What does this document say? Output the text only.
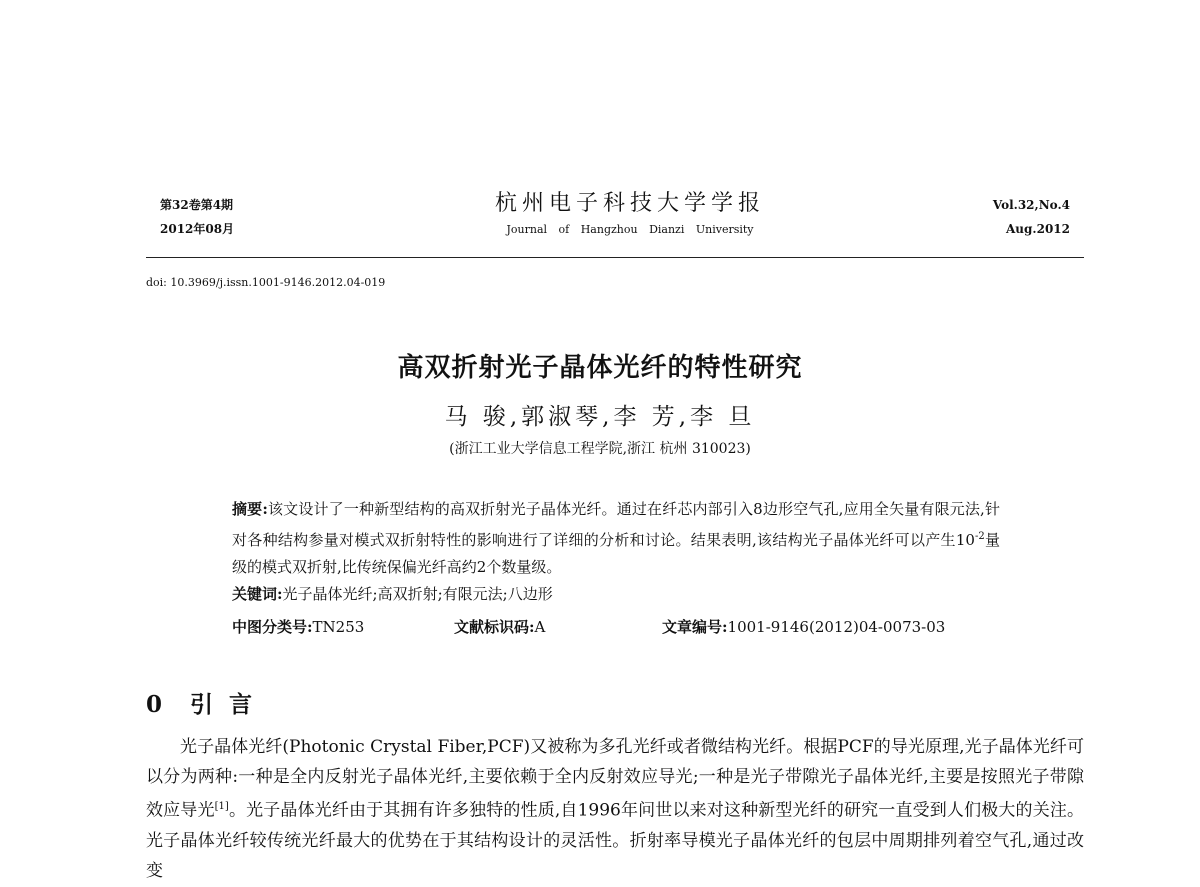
第32卷第4期
2012年08月
杭州电子科技大学学报
Journal of Hangzhou Dianzi University
Vol.32,No.4
Aug.2012
doi: 10.3969/j.issn.1001-9146.2012.04-019
高双折射光子晶体光纤的特性研究
马 骏,郭淑琴,李 芳,李 旦
(浙江工业大学信息工程学院,浙江 杭州 310023)

摘要:该文设计了一种新型结构的高双折射光子晶体光纤。通过在纤芯内部引入8边形空气孔,应用全矢量有限元法,针对各种结构参量对模式双折射特性的影响进行了详细的分析和讨论。结果表明,该结构光子晶体光纤可以产生$10^{-2}$量级的模式双折射,比传统保偏光纤高约2个数量级。

关键词:光子晶体光纤;高双折射;有限元法;八边形

中图分类号:TN253	文献标识码:A	文章编号:1001-9146(2012)04-0073-03
0 引 言

光子晶体光纤(Photonic Crystal Fiber,PCF)又被称为多孔光纤或者微结构光纤。根据PCF的导光原理,光子晶体光纤可以分为两种:一种是全内反射光子晶体光纤,主要依赖于全内反射效应导光;一种是光子带隙光子晶体光纤,主要是按照光子带隙效应导光[1]。光子晶体光纤由于其拥有许多独特的性质,自1996年问世以来对这种新型光纤的研究一直受到人们极大的关注。光子晶体光纤较传统光纤最大的优势在于其结构设计的灵活性。折射率导模光子晶体光纤的包层中周期排列着空气孔,通过改变
